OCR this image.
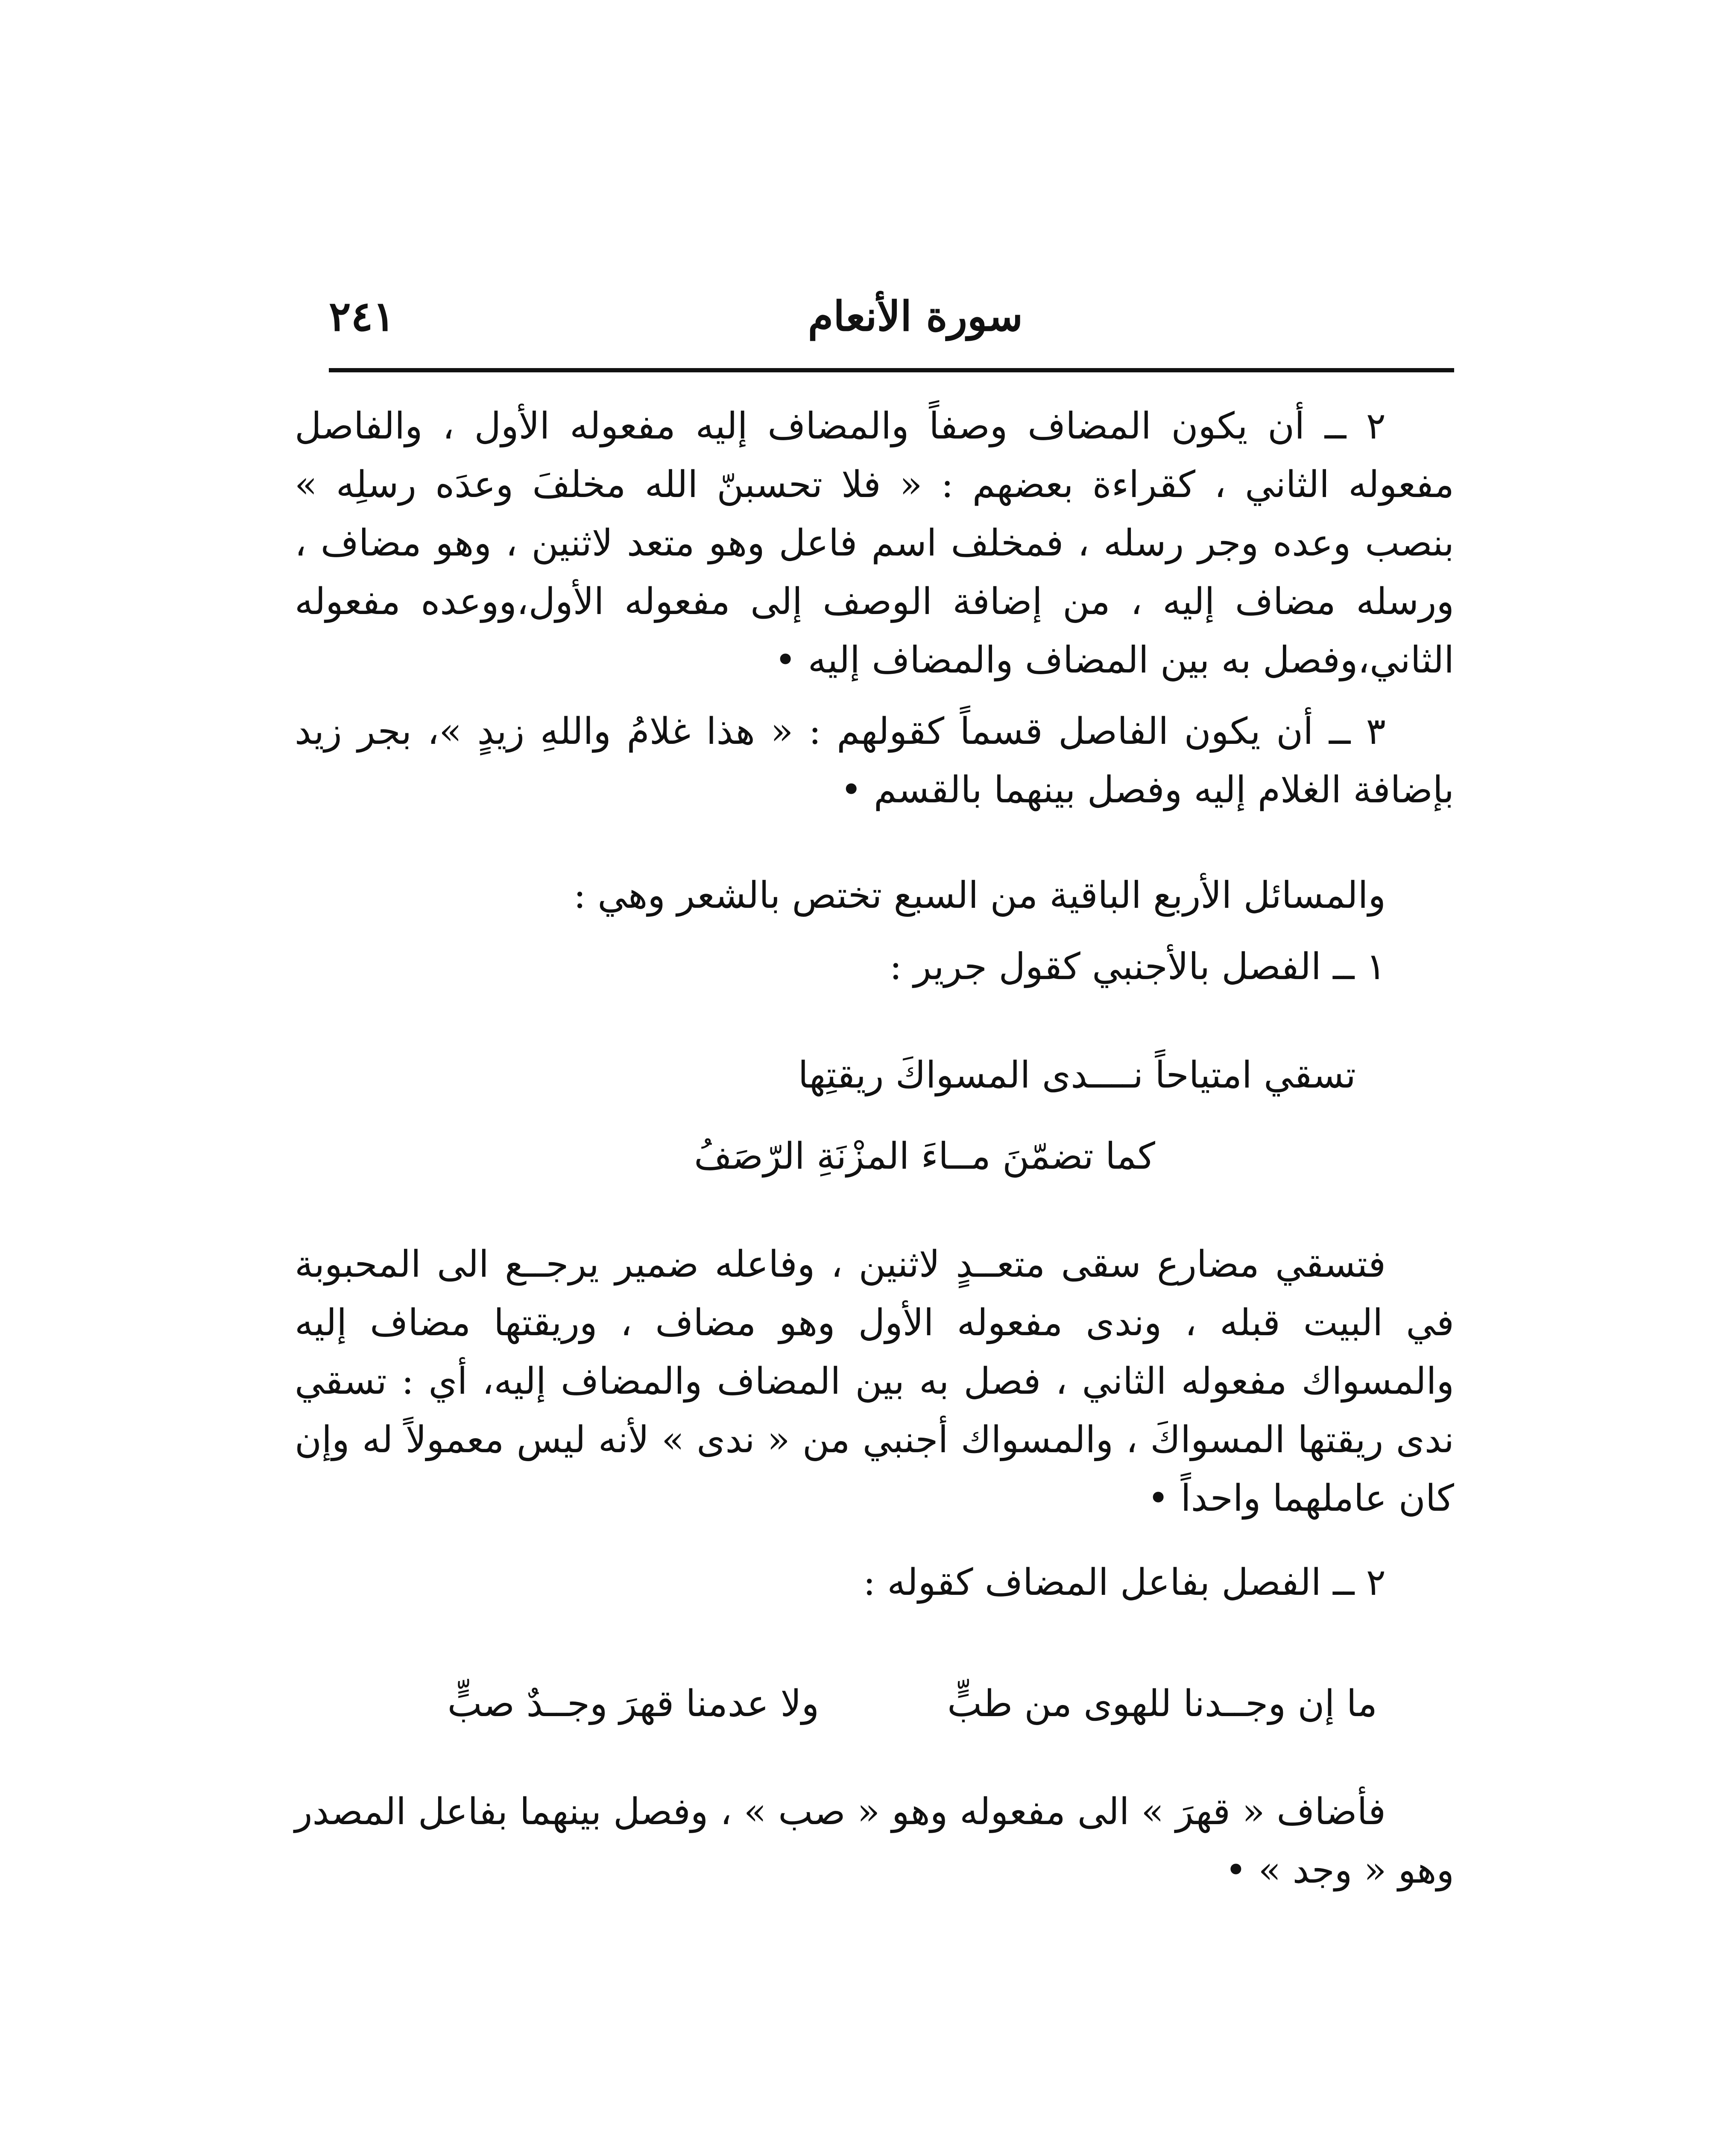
سورة الأنعام
٢٤١

٢ ــ أن يكون المضاف وصفاً والمضاف إليه مفعوله الأول ، والفاصل مفعوله الثاني ، كقراءة بعضهم : « فلا تحسبنّ الله مخلفَ وعدَه رسلِه » بنصب وعده وجر رسله ، فمخلف اسم فاعل وهو متعد لاثنين ، وهو مضاف ، ورسله مضاف إليه ، من إضافة الوصف إلى مفعوله الأول،ووعده مفعوله الثاني،وفصل به بين المضاف والمضاف إليه •

٣ ــ أن يكون الفاصل قسماً كقولهم : « هذا غلامُ واللهِ زيدٍ »، بجر زيد بإضافة الغلام إليه وفصل بينهما بالقسم •

والمسائل الأربع الباقية من السبع تختص بالشعر وهي :

١ ــ الفصل بالأجنبي كقول جرير :

تسقي امتياحاً نــــدى المسواكَ ريقتِها

كما تضمّنَ مــاءَ المزْنَةِ الرّصَفُ

فتسقي مضارع سقى متعــدٍ لاثنين ، وفاعله ضمير يرجــع الى المحبوبة في البيت قبله ، وندى مفعوله الأول وهو مضاف ، وريقتها مضاف إليه والمسواك مفعوله الثاني ، فصل به بين المضاف والمضاف إليه، أي : تسقي ندى ريقتها المسواكَ ، والمسواك أجنبي من « ندى » لأنه ليس معمولاً له وإن كان عاملهما واحداً •

٢ ــ الفصل بفاعل المضاف كقوله :

ما إن وجــدنا للهوى من طبٍّ
ولا عدمنا قهرَ وجــدٌ صبٍّ

فأضاف « قهرَ » الى مفعوله وهو « صب » ، وفصل بينهما بفاعل المصدر وهو « وجد » •
